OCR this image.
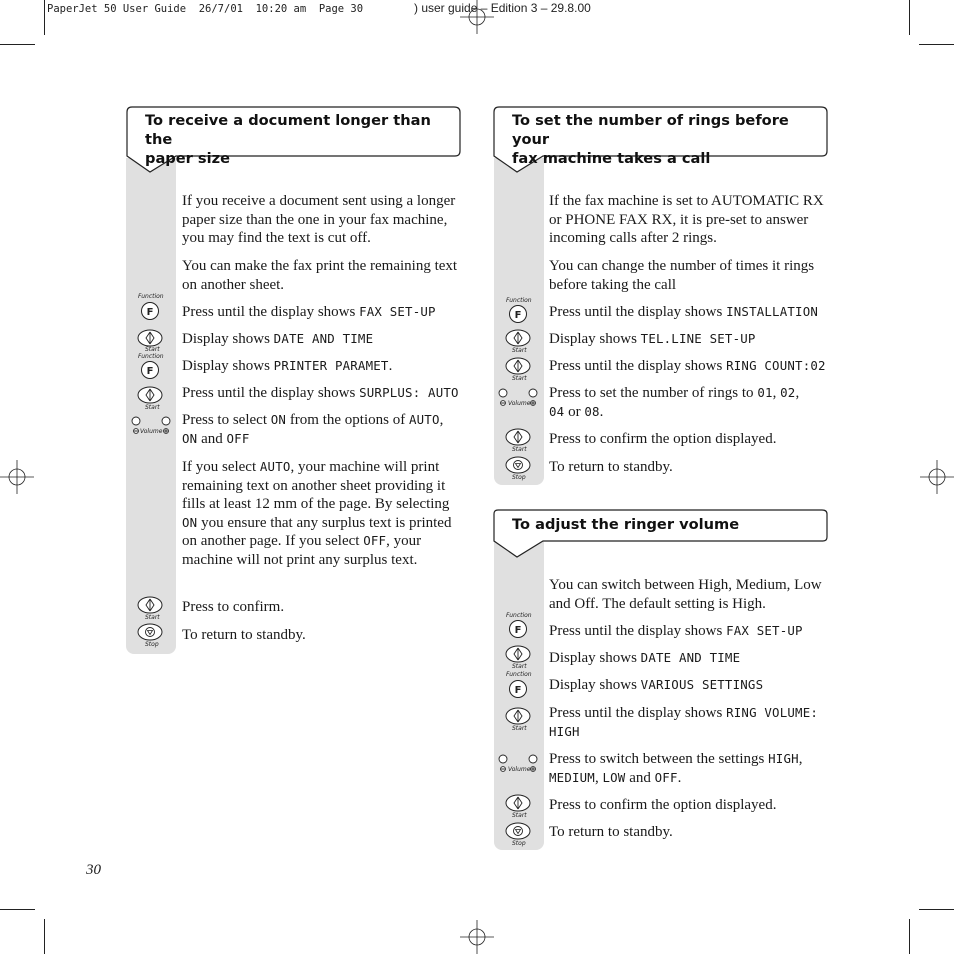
PaperJet 50 User Guide  26/7/01  10:20 am  Page 30	) user guide – Edition 3 – 29.8.00
To receive a document longer than the
paper size
If you receive a document sent using a longer paper size than the one in your fax machine, you may find the text is cut off.
You can make the fax print the remaining text on another sheet.
Function
F Press until the display shows FAX SET-UP
Start
Display shows DATE AND TIME
Function
F Display shows PRINTER PARAMET.
Start
Press until the display shows SURPLUS: AUTO
Volume
Press to select ON from the options of AUTO,
ON and OFF
If you select AUTO, your machine will print remaining text on another sheet providing it fills at least 12 mm of the page. By selecting ON you ensure that any surplus text is printed on another page. If you select OFF, your machine will not print any surplus text.
Start
Press to confirm.
Stop
To return to standby.
To set the number of rings before your
fax machine takes a call
If the fax machine is set to AUTOMATIC RX or PHONE FAX RX, it is pre-set to answer incoming calls after 2 rings.
You can change the number of times it rings before taking the call
Function
F Press until the display shows INSTALLATION
Start
Display shows TEL.LINE SET-UP
Start
Press until the display shows RING COUNT:02
Volume
Press to set the number of rings to 01, 02,
04 or 08.
Start
Press to confirm the option displayed.
Stop
To return to standby.
To adjust the ringer volume
You can switch between High, Medium, Low and Off. The default setting is High.
Function
F Press until the display shows FAX SET-UP
Start
Display shows DATE AND TIME
Function
F Display shows VARIOUS SETTINGS
Start
Press until the display shows RING VOLUME:
HIGH
Volume
Press to switch between the settings HIGH,
MEDIUM, LOW and OFF.
Start
Press to confirm the option displayed.
Stop
To return to standby.
30
